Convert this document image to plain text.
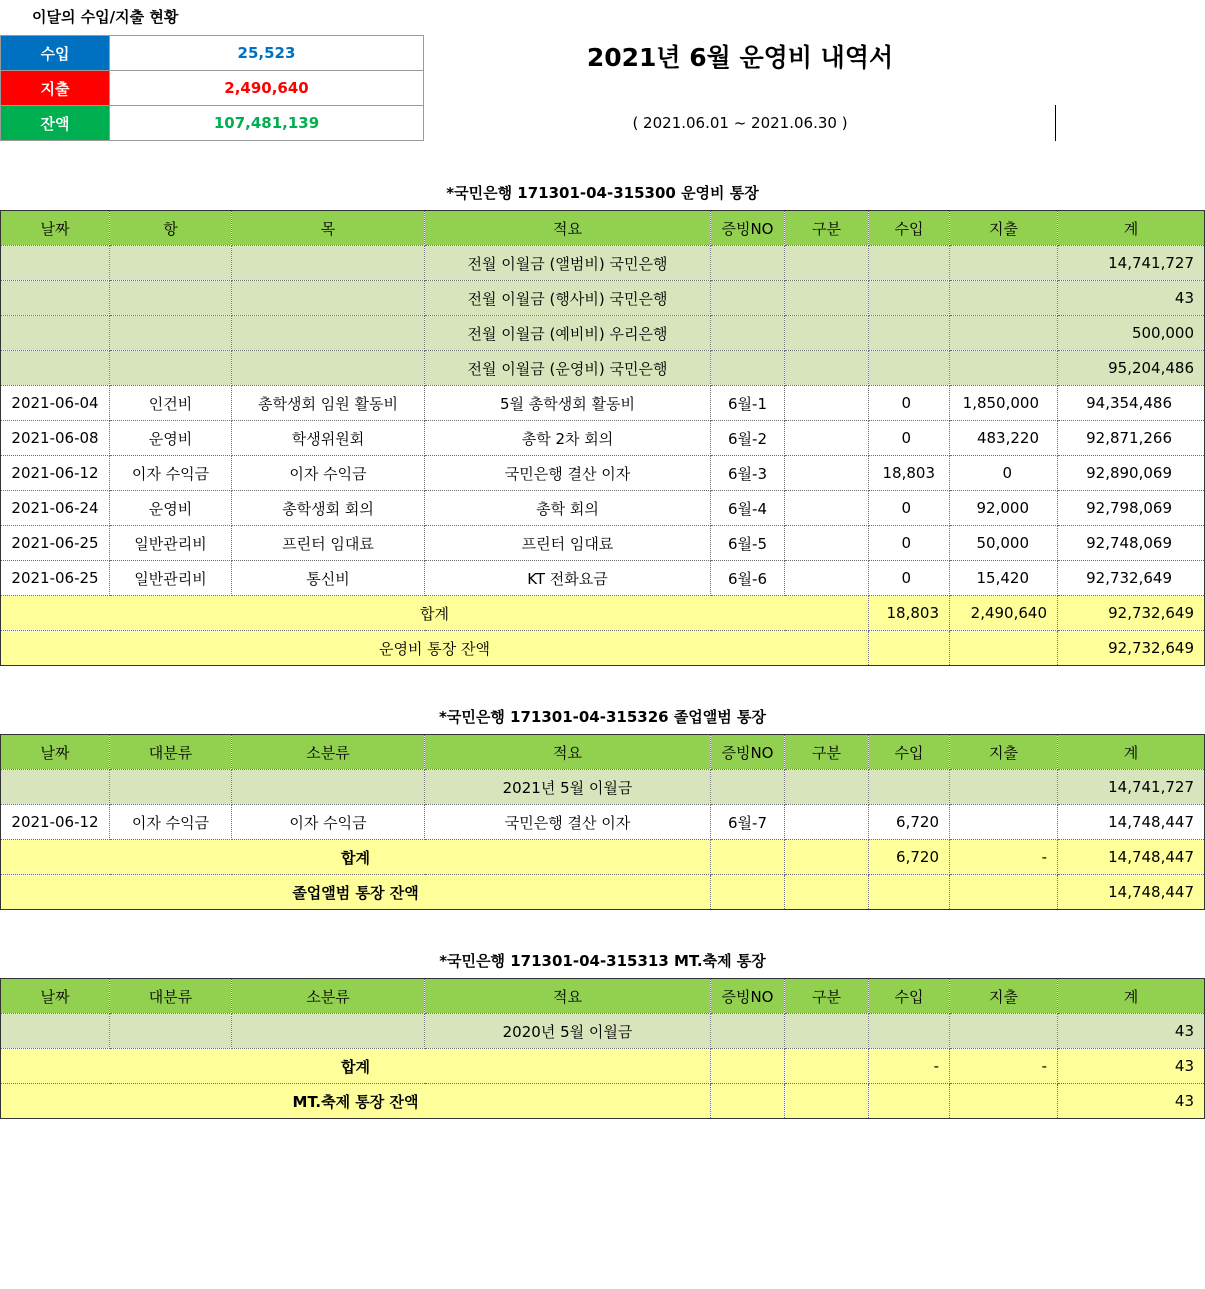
이달의 수입/지출 현황
수입	25,523
지출	2,490,640
잔액	107,481,139
2021년 6월 운영비 내역서
( 2021.06.01 ~ 2021.06.30 )
*국민은행 171301-04-315300 운영비 통장
날짜	항	목	적요	증빙NO	구분	수입	지출	계
			전월 이월금 (앨범비) 국민은행					14,741,727
			전월 이월금 (행사비) 국민은행					43
			전월 이월금 (예비비) 우리은행					500,000
			전월 이월금 (운영비) 국민은행					95,204,486
2021-06-04	인건비	총학생회 임원 활동비	5월 총학생회 활동비	6월-1		0	1,850,000	94,354,486
2021-06-08	운영비	학생위원회	총학 2차 회의	6월-2		0	483,220	92,871,266
2021-06-12	이자 수익금	이자 수익금	국민은행 결산 이자	6월-3		18,803	0	92,890,069
2021-06-24	운영비	총학생회 회의	총학 회의	6월-4		0	92,000	92,798,069
2021-06-25	일반관리비	프린터 임대료	프린터 임대료	6월-5		0	50,000	92,748,069
2021-06-25	일반관리비	통신비	KT 전화요금	6월-6		0	15,420	92,732,649
합계						18,803	2,490,640	92,732,649
운영비 통장 잔액								92,732,649
*국민은행 171301-04-315326 졸업앨범 통장
날짜	대분류	소분류	적요	증빙NO	구분	수입	지출	계
			2021년 5월 이월금					14,741,727
2021-06-12	이자 수익금	이자 수익금	국민은행 결산 이자	6월-7		6,720		14,748,447
합계						6,720	-	14,748,447
졸업앨범 통장 잔액								14,748,447
*국민은행 171301-04-315313 MT.축제 통장
날짜	대분류	소분류	적요	증빙NO	구분	수입	지출	계
			2020년 5월 이월금					43
합계						-	-	43
MT.축제 통장 잔액								43
